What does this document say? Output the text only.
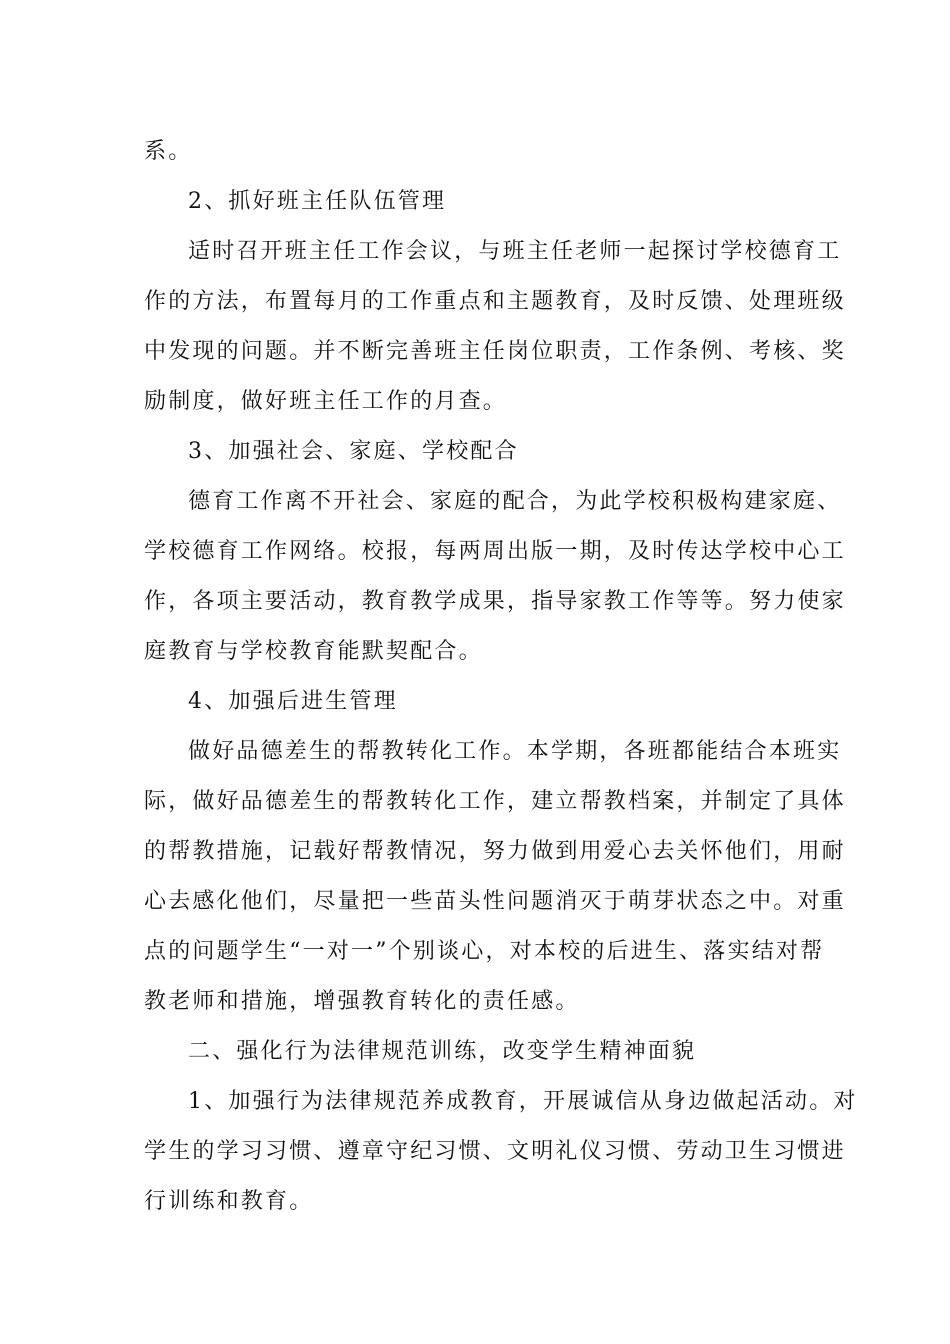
系。
2、抓好班主任队伍管理
适时召开班主任工作会议，与班主任老师一起探讨学校德育工
作的方法，布置每月的工作重点和主题教育，及时反馈、处理班级
中发现的问题。并不断完善班主任岗位职责，工作条例、考核、奖
励制度，做好班主任工作的月查。
3、加强社会、家庭、学校配合
德育工作离不开社会、家庭的配合，为此学校积极构建家庭、
学校德育工作网络。校报，每两周出版一期，及时传达学校中心工
作，各项主要活动，教育教学成果，指导家教工作等等。努力使家
庭教育与学校教育能默契配合。
4、加强后进生管理
做好品德差生的帮教转化工作。本学期，各班都能结合本班实
际，做好品德差生的帮教转化工作，建立帮教档案，并制定了具体
的帮教措施，记载好帮教情况，努力做到用爱心去关怀他们，用耐
心去感化他们，尽量把一些苗头性问题消灭于萌芽状态之中。对重
点的问题学生“一对一”个别谈心，对本校的后进生、落实结对帮
教老师和措施，增强教育转化的责任感。
二、强化行为法律规范训练，改变学生精神面貌
1、加强行为法律规范养成教育，开展诚信从身边做起活动。对
学生的学习习惯、遵章守纪习惯、文明礼仪习惯、劳动卫生习惯进
行训练和教育。
